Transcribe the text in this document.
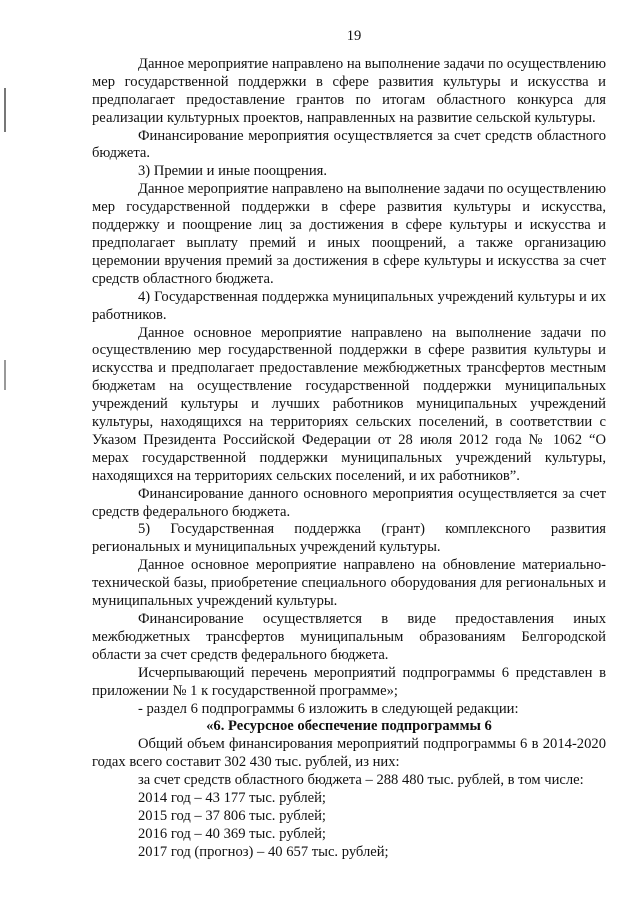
19

Данное мероприятие направлено на выполнение задачи по осуществлению мер государственной поддержки в сфере развития культуры и искусства и предполагает предоставление грантов по итогам областного конкурса для реализации культурных проектов, направленных на развитие сельской культуры.

Финансирование мероприятия осуществляется за счет средств областного бюджета.

3) Премии и иные поощрения.

Данное мероприятие направлено на выполнение задачи по осуществлению мер государственной поддержки в сфере развития культуры и искусства, поддержку и поощрение лиц за достижения в сфере культуры и искусства и предполагает выплату премий и иных поощрений, а также организацию церемонии вручения премий за достижения в сфере культуры и искусства за счет средств областного бюджета.

4) Государственная поддержка муниципальных учреждений культуры и их работников.

Данное основное мероприятие направлено на выполнение задачи по осуществлению мер государственной поддержки в сфере развития культуры и искусства и предполагает предоставление межбюджетных трансфертов местным бюджетам на осуществление государственной поддержки муниципальных учреждений культуры и лучших работников муниципальных учреждений культуры, находящихся на территориях сельских поселений, в соответствии с Указом Президента Российской Федерации от 28 июля 2012 года № 1062 “О мерах государственной поддержки муниципальных учреждений культуры, находящихся на территориях сельских поселений, и их работников”.

Финансирование данного основного мероприятия осуществляется за счет средств федерального бюджета.

5) Государственная поддержка (грант) комплексного развития региональных и муниципальных учреждений культуры.

Данное основное мероприятие направлено на обновление материально-технической базы, приобретение специального оборудования для региональных и муниципальных учреждений культуры.

Финансирование осуществляется в виде предоставления иных межбюджетных трансфертов муниципальным образованиям Белгородской области за счет средств федерального бюджета.

Исчерпывающий перечень мероприятий подпрограммы 6 представлен в приложении № 1 к государственной программе»;

- раздел 6 подпрограммы 6 изложить в следующей редакции:

«6. Ресурсное обеспечение подпрограммы 6

Общий объем финансирования мероприятий подпрограммы 6 в 2014-2020 годах всего составит 302 430 тыс. рублей, из них:

за счет средств областного бюджета – 288 480 тыс. рублей, в том числе:

2014 год – 43 177 тыс. рублей;

2015 год – 37 806 тыс. рублей;

2016 год – 40 369 тыс. рублей;

2017 год (прогноз) – 40 657 тыс. рублей;
